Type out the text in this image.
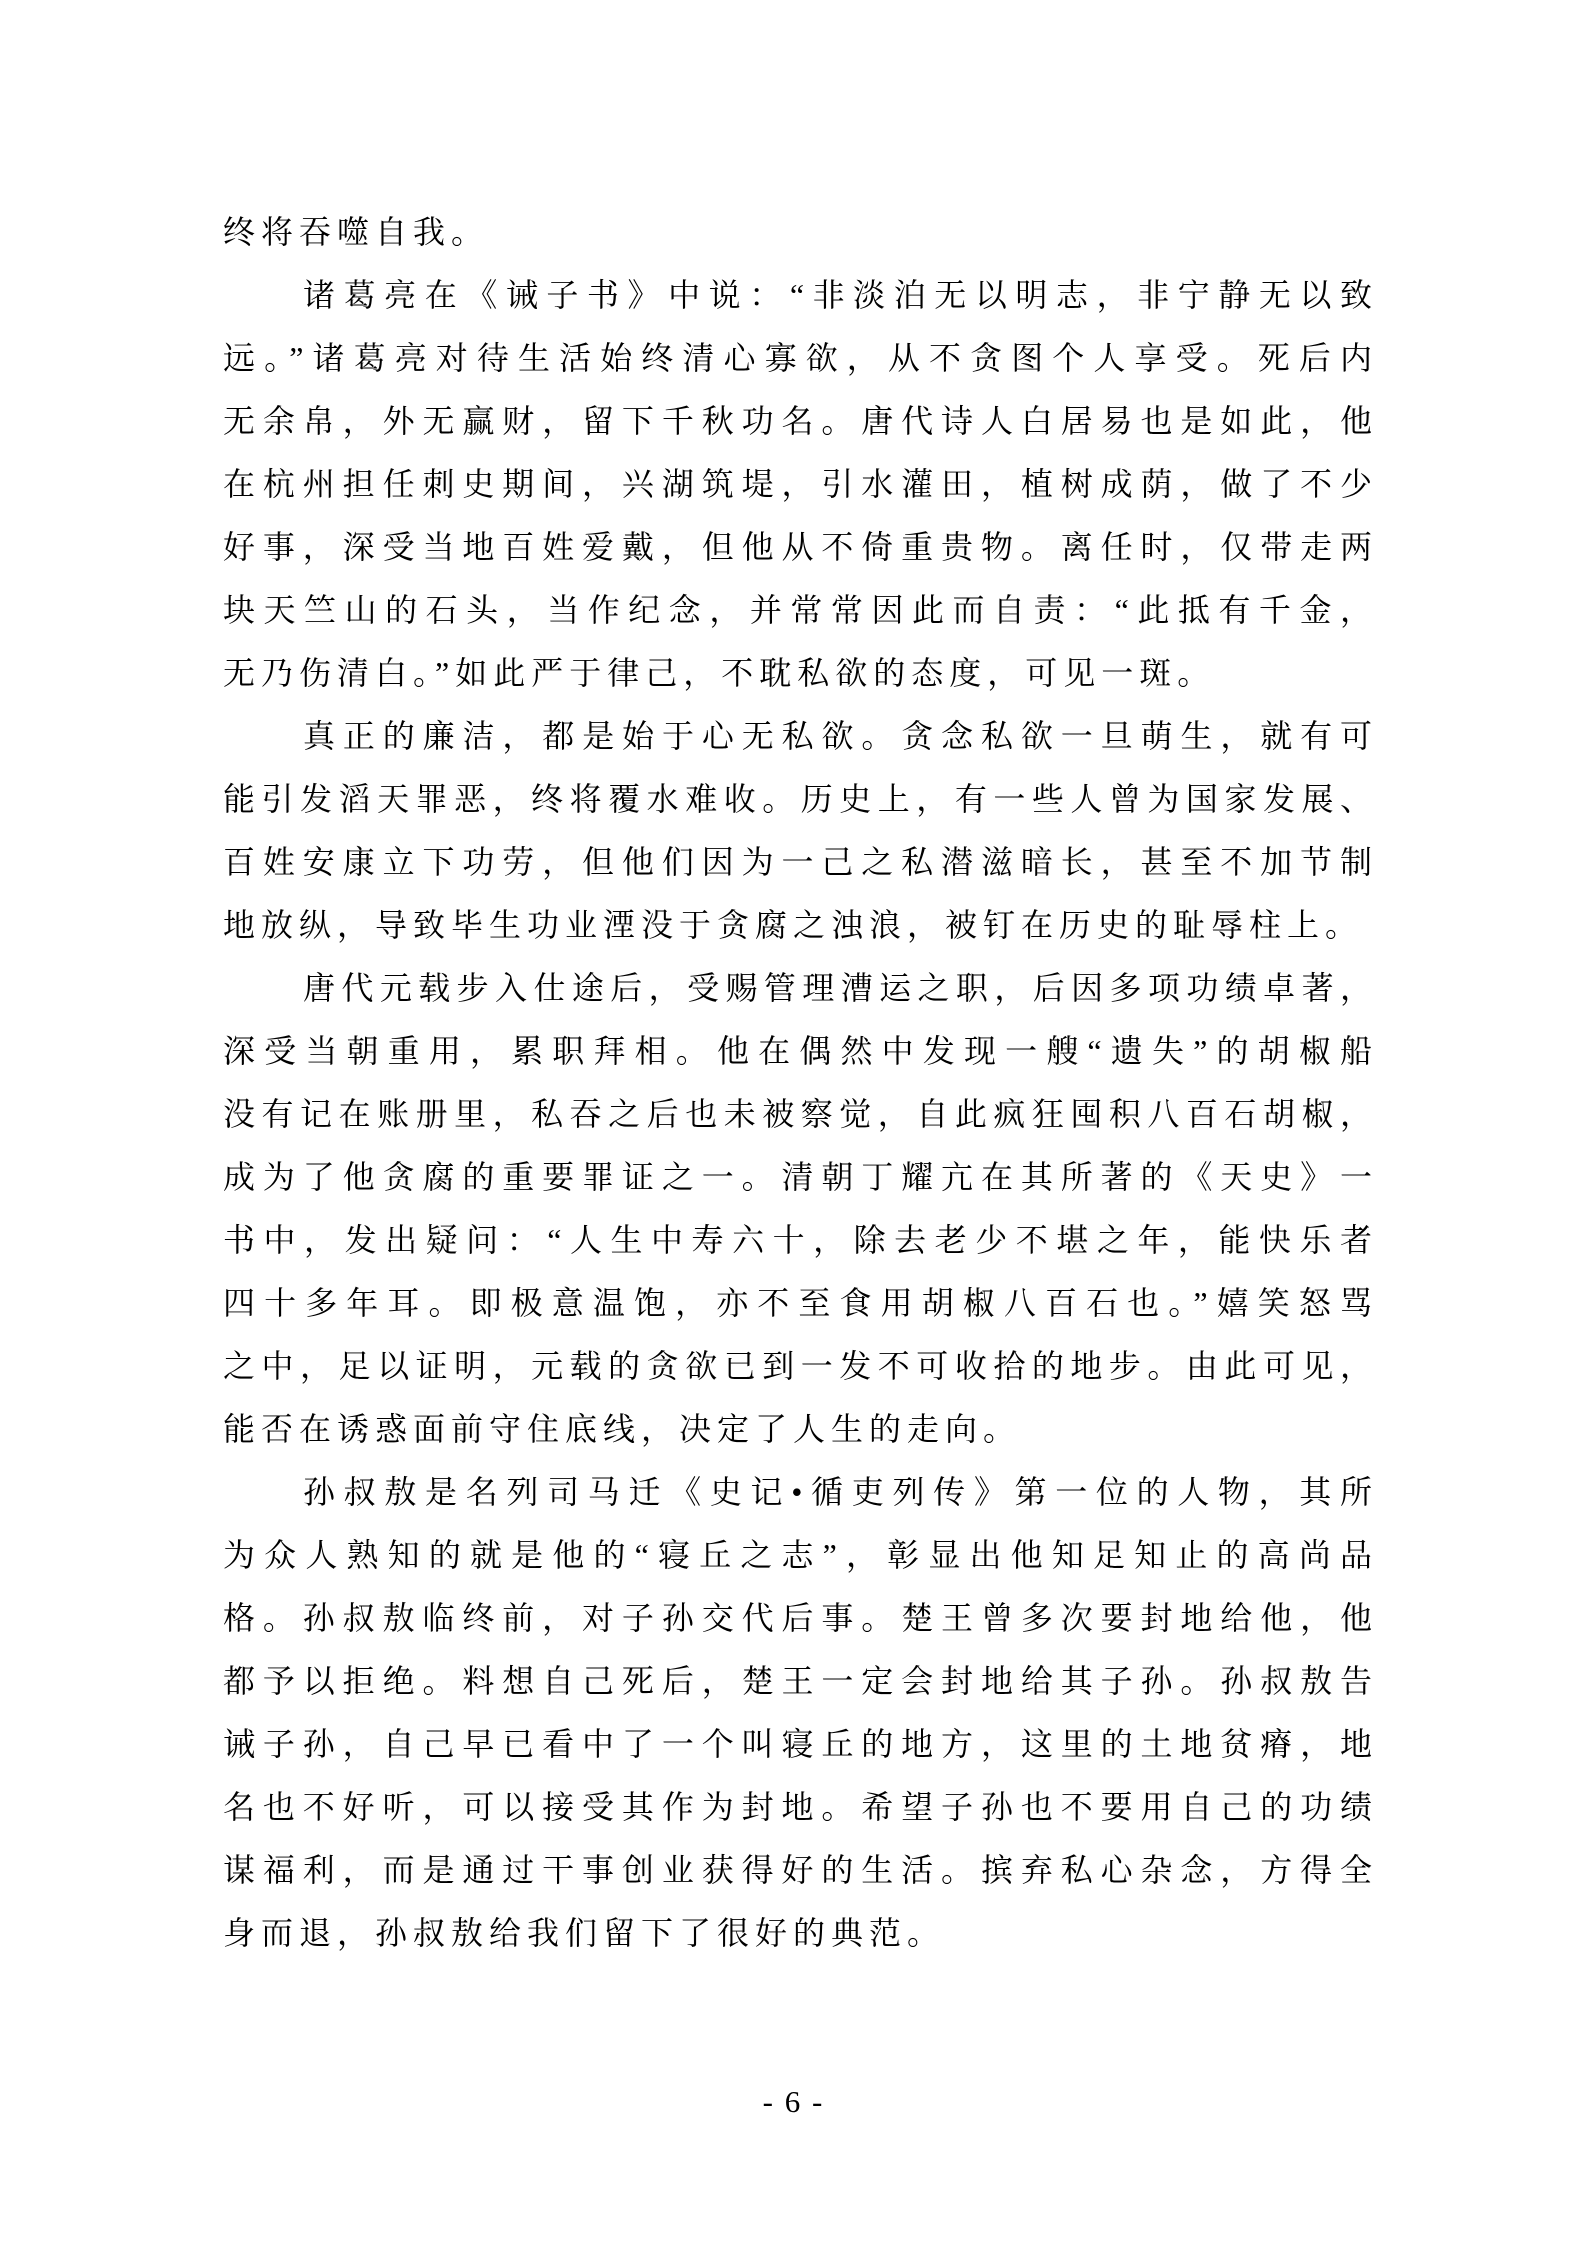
终将吞噬自我。
诸葛亮在《诫子书》中说：“非淡泊无以明志，非宁静无以致
远。”诸葛亮对待生活始终清心寡欲，从不贪图个人享受。死后内
无余帛，外无赢财，留下千秋功名。唐代诗人白居易也是如此，他
在杭州担任刺史期间，兴湖筑堤，引水灌田，植树成荫，做了不少
好事，深受当地百姓爱戴，但他从不倚重贵物。离任时，仅带走两
块天竺山的石头，当作纪念，并常常因此而自责：“此抵有千金，
无乃伤清白。”如此严于律己，不耽私欲的态度，可见一斑。
真正的廉洁，都是始于心无私欲。贪念私欲一旦萌生，就有可
能引发滔天罪恶，终将覆水难收。历史上，有一些人曾为国家发展、
百姓安康立下功劳，但他们因为一己之私潜滋暗长，甚至不加节制
地放纵，导致毕生功业湮没于贪腐之浊浪，被钉在历史的耻辱柱上。
唐代元载步入仕途后，受赐管理漕运之职，后因多项功绩卓著，
深受当朝重用，累职拜相。他在偶然中发现一艘“遗失”的胡椒船
没有记在账册里，私吞之后也未被察觉，自此疯狂囤积八百石胡椒，
成为了他贪腐的重要罪证之一。清朝丁耀亢在其所著的《天史》一
书中，发出疑问：“人生中寿六十，除去老少不堪之年，能快乐者
四十多年耳。即极意温饱，亦不至食用胡椒八百石也。”嬉笑怒骂
之中，足以证明，元载的贪欲已到一发不可收拾的地步。由此可见，
能否在诱惑面前守住底线，决定了人生的走向。
孙叔敖是名列司马迁《史记•循吏列传》第一位的人物，其所
为众人熟知的就是他的“寝丘之志”，彰显出他知足知止的高尚品
格。孙叔敖临终前，对子孙交代后事。楚王曾多次要封地给他，他
都予以拒绝。料想自己死后，楚王一定会封地给其子孙。孙叔敖告
诫子孙，自己早已看中了一个叫寝丘的地方，这里的土地贫瘠，地
名也不好听，可以接受其作为封地。希望子孙也不要用自己的功绩
谋福利，而是通过干事创业获得好的生活。摈弃私心杂念，方得全
身而退，孙叔敖给我们留下了很好的典范。
- 6 -
